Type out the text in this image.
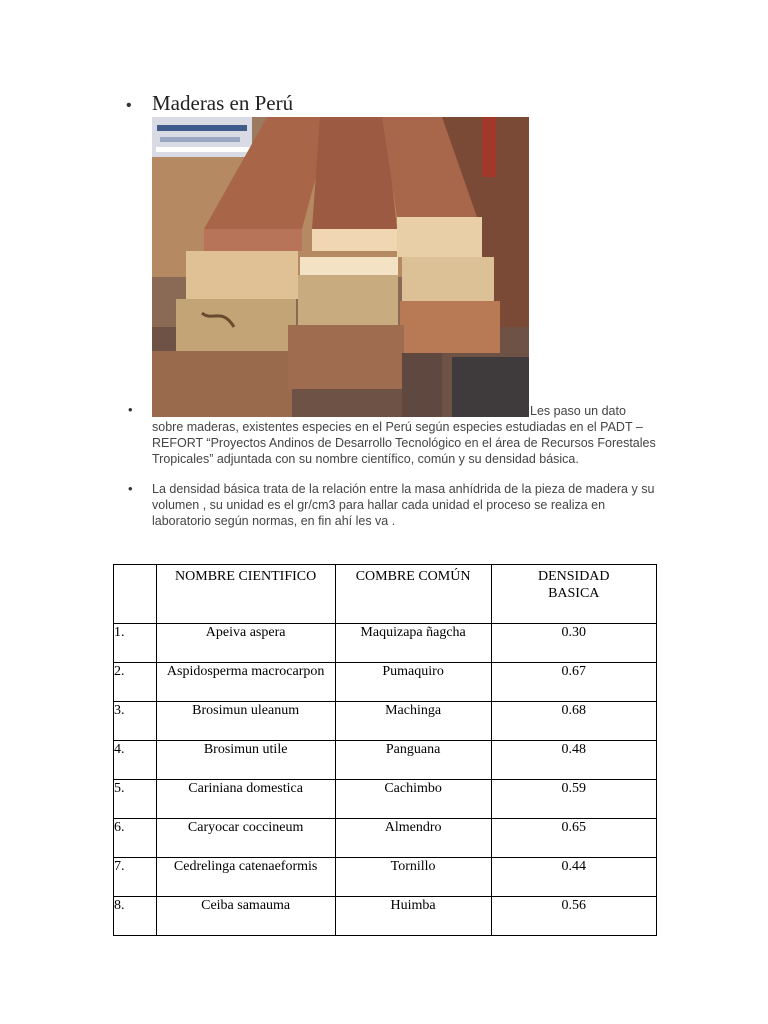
• Maderas en Perú
•	Les paso un dato
sobre maderas, existentes especies en el Perú según especies estudiadas en el PADT – REFORT “Proyectos Andinos de Desarrollo Tecnológico en el área de Recursos Forestales Tropicales” adjuntada con su nombre científico, común y su densidad básica.
• La densidad básica trata de la relación entre la masa anhídrida de la pieza de madera y su volumen , su unidad es el gr/cm3 para hallar cada unidad el proceso se realiza en laboratorio según normas, en fin ahí les va .
	NOMBRE CIENTIFICO	COMBRE COMÚN	DENSIDAD BASICA
1.	Apeiva aspera	Maquizapa ñagcha	0.30
2.	Aspidosperma macrocarpon	Pumaquiro	0.67
3.	Brosimun uleanum	Machinga	0.68
4.	Brosimun utile	Panguana	0.48
5.	Cariniana domestica	Cachimbo	0.59
6.	Caryocar coccineum	Almendro	0.65
7.	Cedrelinga catenaeformis	Tornillo	0.44
8.	Ceiba samauma	Huimba	0.56
